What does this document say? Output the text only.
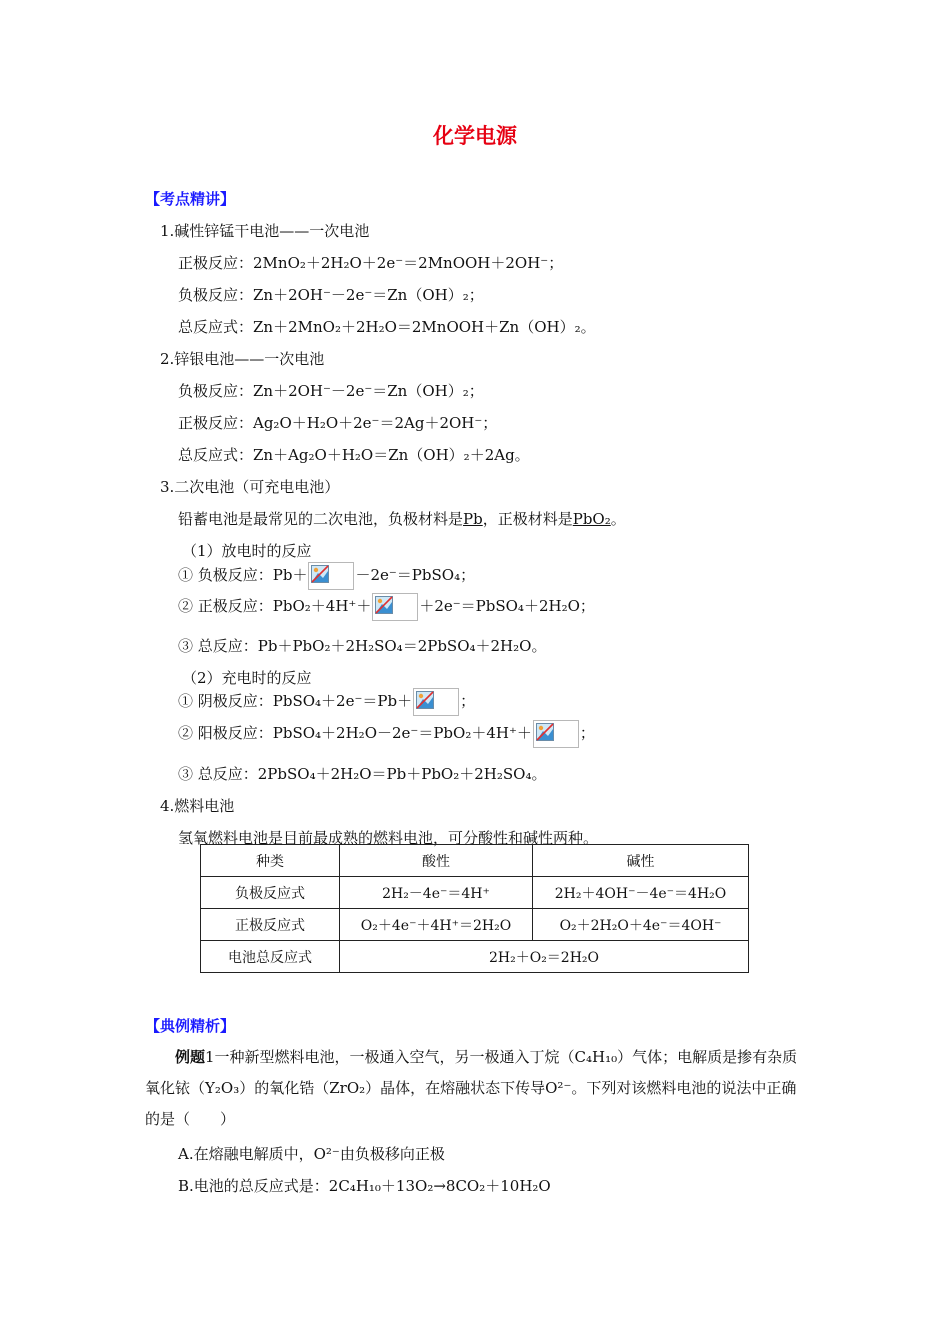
化学电源
【考点精讲】
1.碱性锌锰干电池——一次电池
正极反应：2MnO₂＋2H₂O＋2e⁻＝2MnOOH＋2OH⁻；
负极反应：Zn＋2OH⁻－2e⁻＝Zn（OH）₂；
总反应式：Zn＋2MnO₂＋2H₂O＝2MnOOH＋Zn（OH）₂。
2.锌银电池——一次电池
负极反应：Zn＋2OH⁻－2e⁻＝Zn（OH）₂；
正极反应：Ag₂O＋H₂O＋2e⁻＝2Ag＋2OH⁻；
总反应式：Zn＋Ag₂O＋H₂O＝Zn（OH）₂＋2Ag。
3.二次电池（可充电电池）
铅蓄电池是最常见的二次电池，负极材料是Pb，正极材料是PbO₂。
（1）放电时的反应
① 负极反应：Pb＋	－2e⁻＝PbSO₄；
② 正极反应：PbO₂＋4H⁺＋	＋2e⁻＝PbSO₄＋2H₂O；
③ 总反应：Pb＋PbO₂＋2H₂SO₄＝2PbSO₄＋2H₂O。
（2）充电时的反应
① 阴极反应：PbSO₄＋2e⁻＝Pb＋	；
② 阳极反应：PbSO₄＋2H₂O－2e⁻＝PbO₂＋4H⁺＋	；
③ 总反应：2PbSO₄＋2H₂O＝Pb＋PbO₂＋2H₂SO₄。
4.燃料电池
氢氧燃料电池是目前最成熟的燃料电池，可分酸性和碱性两种。
种类	酸性	碱性
负极反应式	2H₂－4e⁻＝4H⁺	2H₂＋4OH⁻－4e⁻＝4H₂O
正极反应式	O₂＋4e⁻＋4H⁺＝2H₂O	O₂＋2H₂O＋4e⁻＝4OH⁻
电池总反应式	2H₂＋O₂＝2H₂O	
【典例精析】
例题1一种新型燃料电池，一极通入空气，另一极通入丁烷（C₄H₁₀）气体；电解质是掺有杂质氧化铱（Y₂O₃）的氧化锆（ZrO₂）晶体，在熔融状态下传导O²⁻。下列对该燃料电池的说法中正确的是（　　）
A.在熔融电解质中，O²⁻由负极移向正极
B.电池的总反应式是：2C₄H₁₀＋13O₂→8CO₂＋10H₂O
